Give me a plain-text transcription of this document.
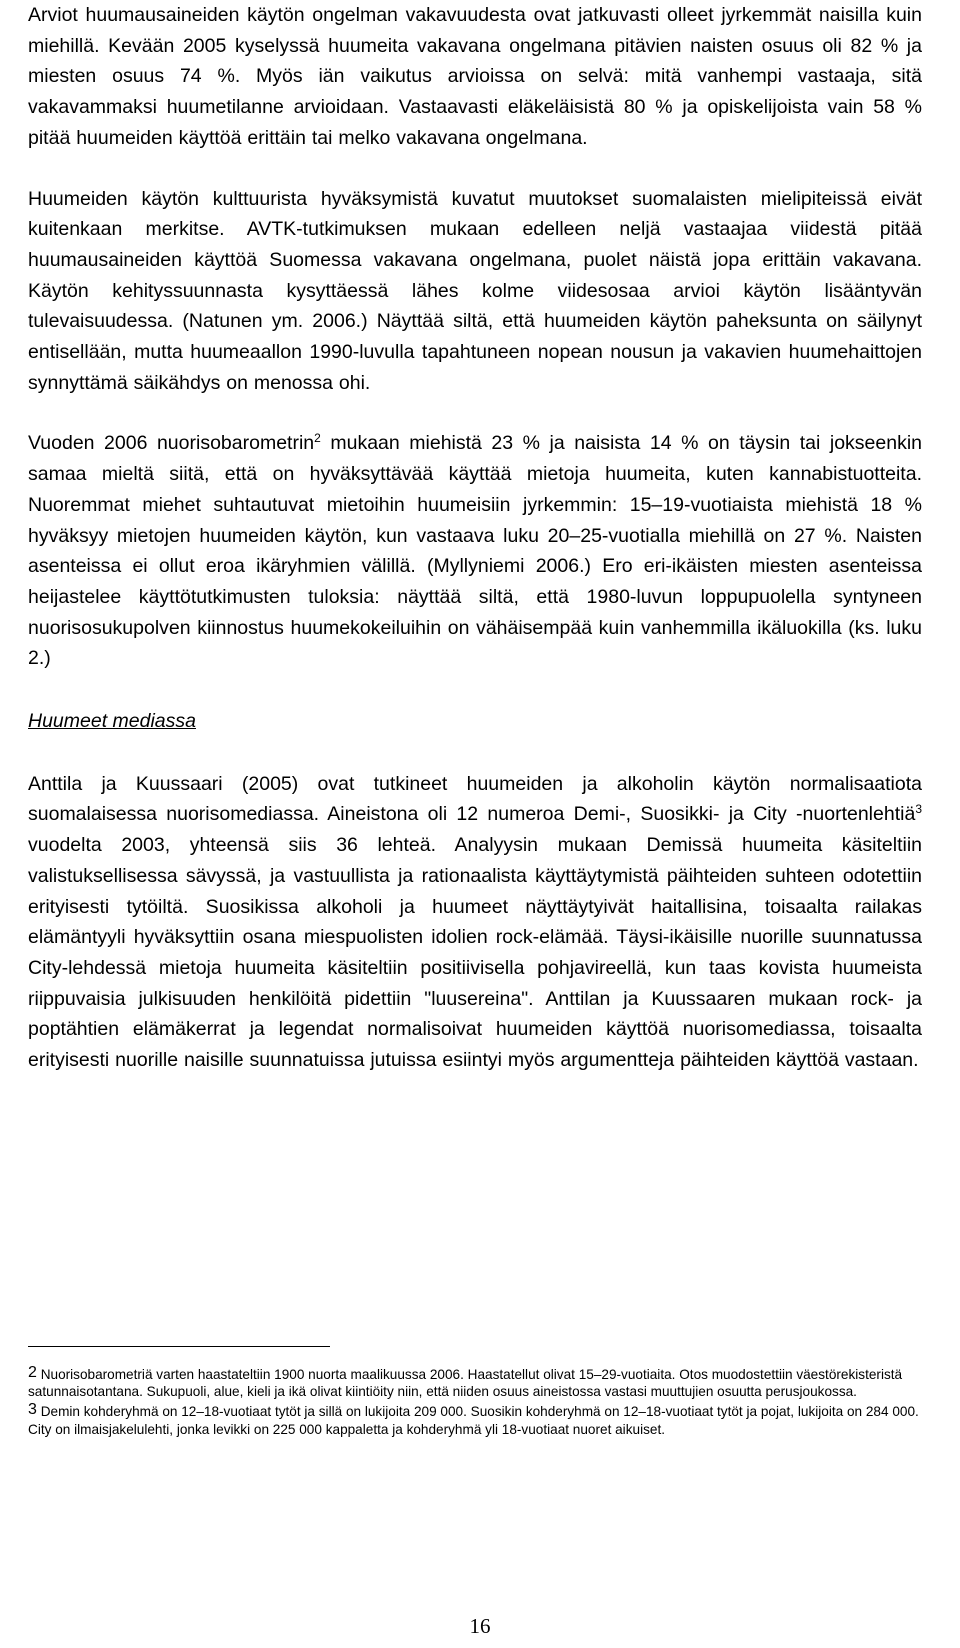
Arviot huumausaineiden käytön ongelman vakavuudesta ovat jatkuvasti olleet jyrkemmät naisilla kuin miehillä. Kevään 2005 kyselyssä huumeita vakavana ongelmana pitävien naisten osuus oli 82 % ja miesten osuus 74 %. Myös iän vaikutus arvioissa on selvä: mitä vanhempi vastaaja, sitä vakavammaksi huumetilanne arvioidaan. Vastaavasti eläkeläisistä 80 % ja opiskelijoista vain 58 % pitää huumeiden käyttöä erittäin tai melko vakavana ongelmana.

Huumeiden käytön kulttuurista hyväksymistä kuvatut muutokset suomalaisten mielipiteissä eivät kuitenkaan merkitse. AVTK-tutkimuksen mukaan edelleen neljä vastaajaa viidestä pitää huumausaineiden käyttöä Suomessa vakavana ongelmana, puolet näistä jopa erittäin vakavana. Käytön kehityssuunnasta kysyttäessä lähes kolme viidesosaa arvioi käytön lisääntyvän tulevaisuudessa. (Natunen ym. 2006.) Näyttää siltä, että huumeiden käytön paheksunta on säilynyt entisellään, mutta huumeaallon 1990-luvulla tapahtuneen nopean nousun ja vakavien huumehaittojen synnyttämä säikähdys on menossa ohi.

Vuoden 2006 nuorisobarometrin$^2$ mukaan miehistä 23 % ja naisista 14 % on täysin tai jokseenkin samaa mieltä siitä, että on hyväksyttävää käyttää mietoja huumeita, kuten kannabistuotteita. Nuoremmat miehet suhtautuvat mietoihin huumeisiin jyrkemmin: 15–19-vuotiaista miehistä 18 % hyväksyy mietojen huumeiden käytön, kun vastaava luku 20–25-vuotialla miehillä on 27 %. Naisten asenteissa ei ollut eroa ikäryhmien välillä. (Myllyniemi 2006.) Ero eri-ikäisten miesten asenteissa heijastelee käyttötutkimusten tuloksia: näyttää siltä, että 1980-luvun loppupuolella syntyneen nuorisosukupolven kiinnostus huumekokeiluihin on vähäisempää kuin vanhemmilla ikäluokilla (ks. luku 2.)

Huumeet mediassa

Anttila ja Kuussaari (2005) ovat tutkineet huumeiden ja alkoholin käytön normalisaatiota suomalaisessa nuorisomediassa. Aineistona oli 12 numeroa Demi-, Suosikki- ja City -nuortenlehtiä$^3$ vuodelta 2003, yhteensä siis 36 lehteä. Analyysin mukaan Demissä huumeita käsiteltiin valistuksellisessa sävyssä, ja vastuullista ja rationaalista käyttäytymistä päihteiden suhteen odotettiin erityisesti tytöiltä. Suosikissa alkoholi ja huumeet näyttäytyivät haitallisina, toisaalta railakas elämäntyyli hyväksyttiin osana miespuolisten idolien rock-elämää. Täysi-ikäisille nuorille suunnatussa City-lehdessä mietoja huumeita käsiteltiin positiivisella pohjavireellä, kun taas kovista huumeista riippuvaisia julkisuuden henkilöitä pidettiin "luusereina". Anttilan ja Kuussaaren mukaan rock- ja poptähtien elämäkerrat ja legendat normalisoivat huumeiden käyttöä nuorisomediassa, toisaalta erityisesti nuorille naisille suunnatuissa jutuissa esiintyi myös argumentteja päihteiden käyttöä vastaan.

2 Nuorisobarometriä varten haastateltiin 1900 nuorta maalikuussa 2006. Haastatellut olivat 15–29-vuotiaita. Otos muodostettiin väestörekisteristä satunnaisotantana. Sukupuoli, alue, kieli ja ikä olivat kiintiöity niin, että niiden osuus aineistossa vastasi muuttujien osuutta perusjoukossa.

3 Demin kohderyhmä on 12–18-vuotiaat tytöt ja sillä on lukijoita 209 000. Suosikin kohderyhmä on 12–18-vuotiaat tytöt ja pojat, lukijoita on 284 000. City on ilmaisjakelulehti, jonka levikki on 225 000 kappaletta ja kohderyhmä yli 18-vuotiaat nuoret aikuiset.

16
